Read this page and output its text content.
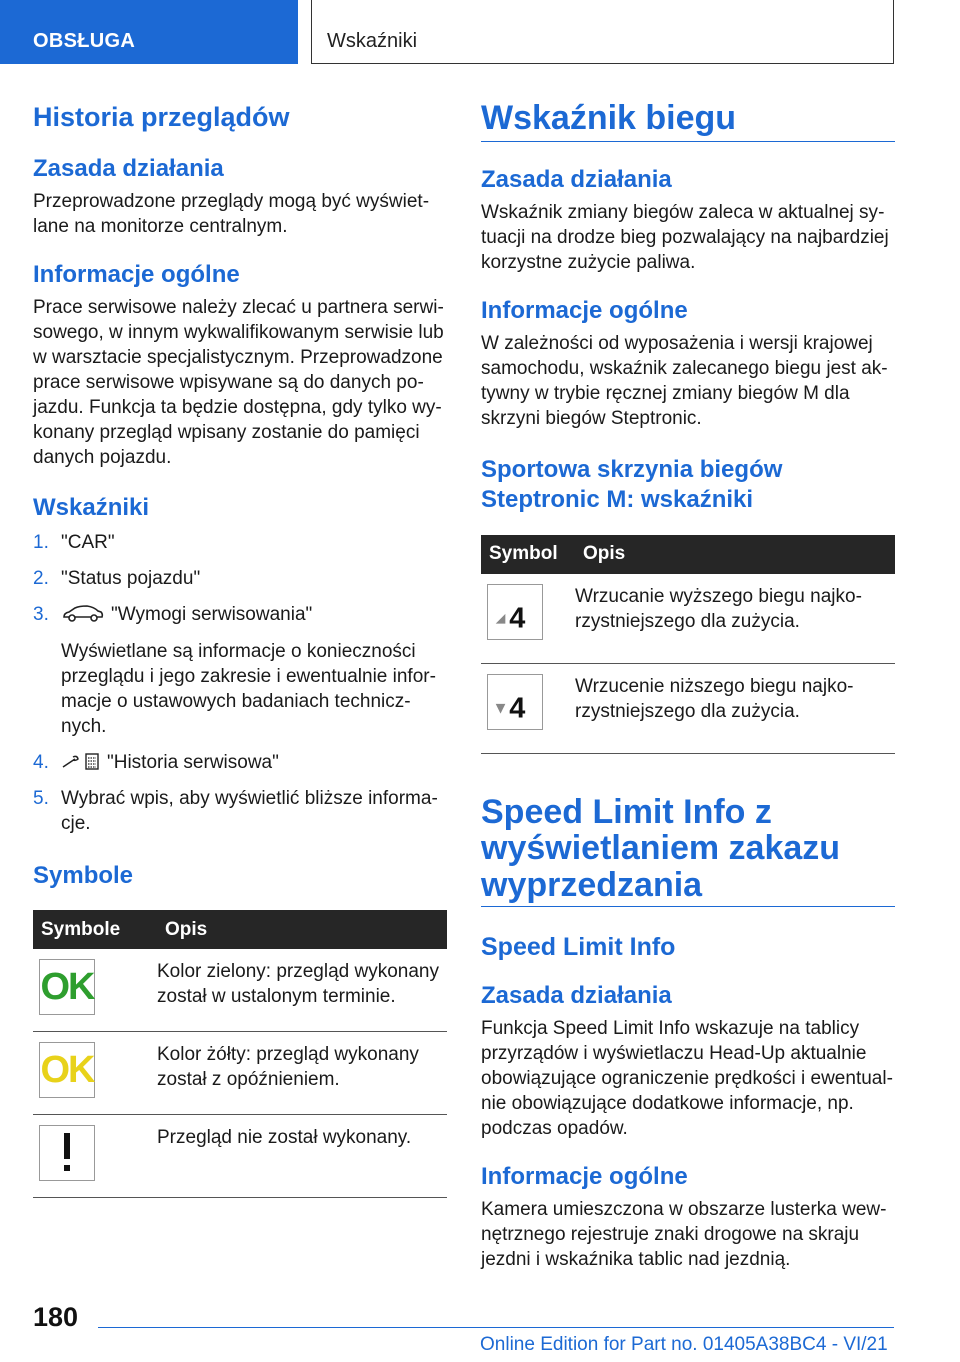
OBSŁUGA	Wskaźniki
Historia przeglądów
Zasada działania

Przeprowadzone przeglądy mogą być wyświetlane na monitorze centralnym.

Informacje ogólne

Prace serwisowe należy zlecać u partnera serwisowego, w innym wykwalifikowanym serwisie lub w warsztacie specjalistycznym. Przeprowadzone prace serwisowe wpisywane są do danych pojazdu. Funkcja ta będzie dostępna, gdy tylko wykonany przegląd wpisany zostanie do pamięci danych pojazdu.

Wskaźniki
1. "CAR"
2. "Status pojazdu"
3.	"Wymogi serwisowania"
Wyświetlane są informacje o konieczności przeglądu i jego zakresie i ewentualnie informacje o ustawowych badaniach technicznych.
4.	"Historia serwisowa"
5. Wybrać wpis, aby wyświetlić bliższe informacje.
Symbole
Symbole	Opis

OK	Kolor zielony: przegląd wykonany został w ustalonym terminie.

OK	Kolor żółty: przegląd wykonany został z opóźnieniem.

	Przegląd nie został wykonany.
Wskaźnik biegu
Zasada działania

Wskaźnik zmiany biegów zaleca w aktualnej sytuacji na drodze bieg pozwalający na najbardziej korzystne zużycie paliwa.

Informacje ogólne

W zależności od wyposażenia i wersji krajowej samochodu, wskaźnik zalecanego biegu jest aktywny w trybie ręcznej zmiany biegów M dla skrzyni biegów Steptronic.

Sportowa skrzynia biegów Steptronic M: wskaźniki
Symbol	Opis

4	Wrzucanie wyższego biegu najkorzystniejszego dla zużycia.

4	Wrzucenie niższego biegu najkorzystniejszego dla zużycia.
Speed Limit Info z wyświetlaniem zakazu wyprzedzania
Speed Limit Info
Zasada działania

Funkcja Speed Limit Info wskazuje na tablicy przyrządów i wyświetlaczu Head-Up aktualnie obowiązujące ograniczenie prędkości i ewentualnie obowiązujące dodatkowe informacje, np. podczas opadów.

Informacje ogólne

Kamera umieszczona w obszarze lusterka wewnętrznego rejestruje znaki drogowe na skraju jezdni i wskaźnika tablic nad jezdnią.

180
Online Edition for Part no. 01405A38BC4 - VI/21
